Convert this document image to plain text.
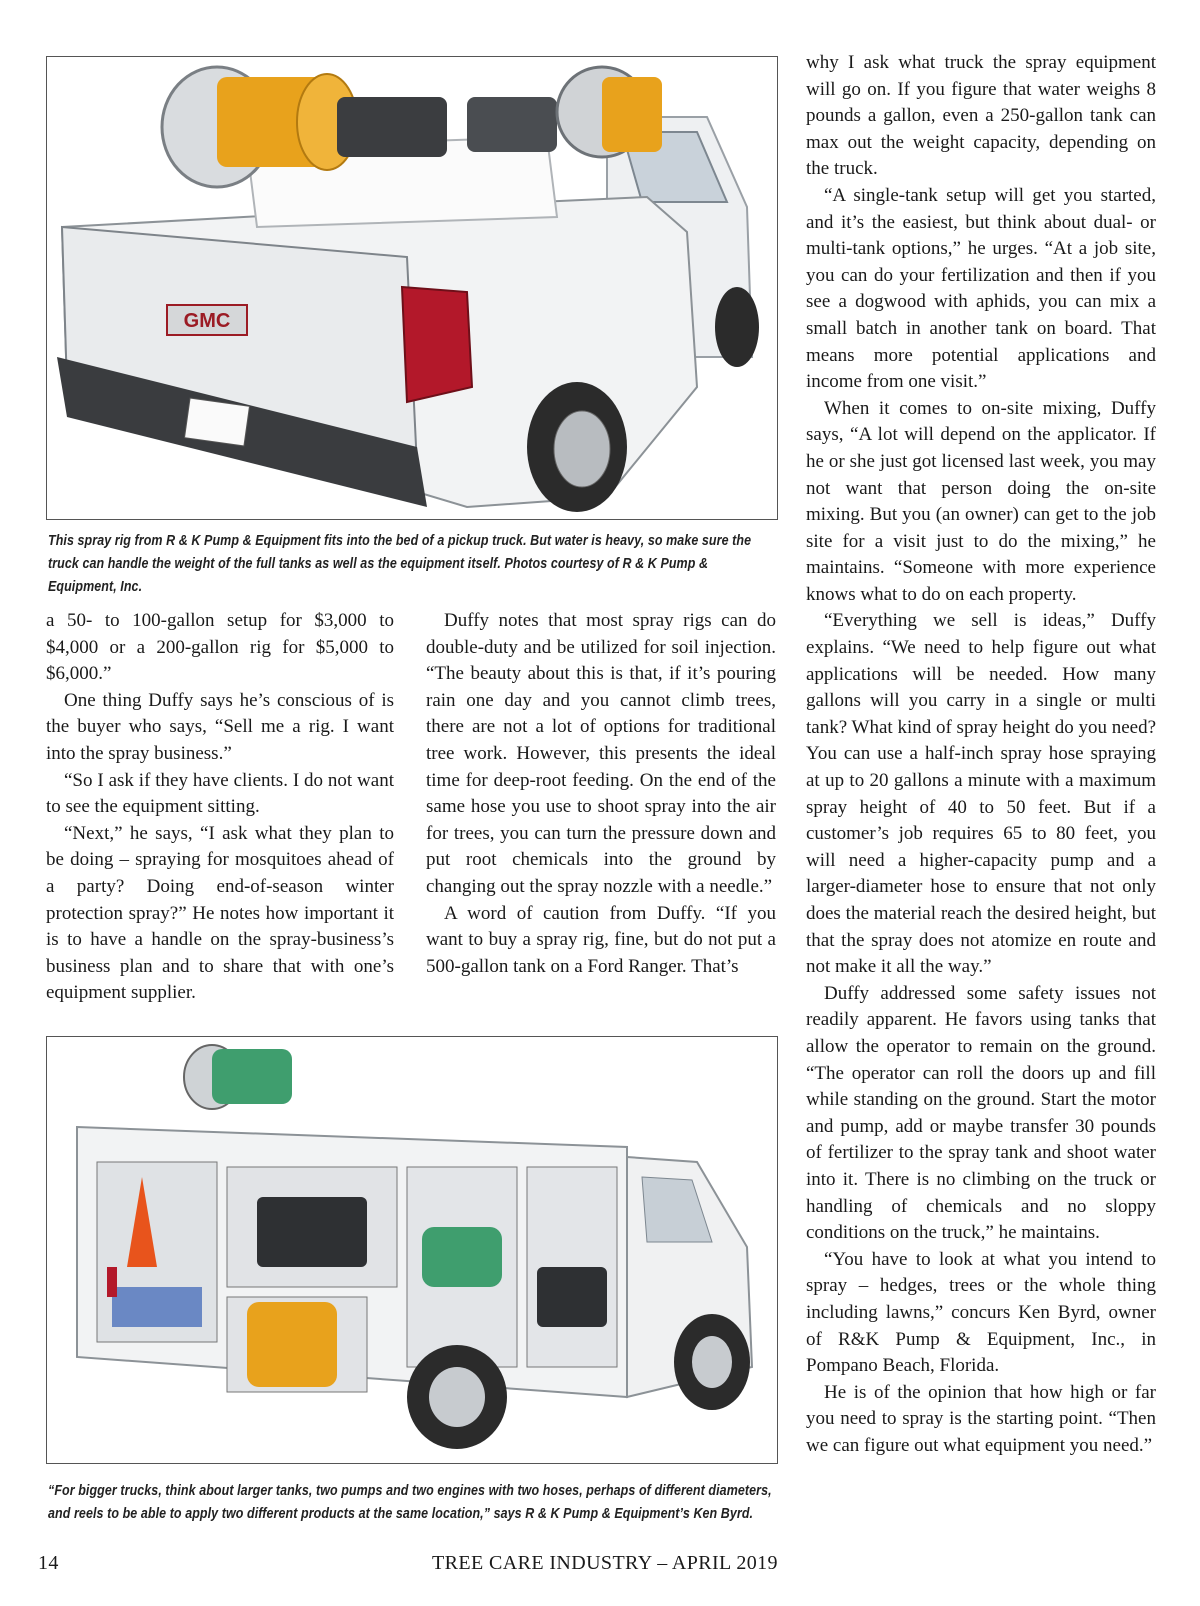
GMC
This spray rig from R & K Pump & Equipment fits into the bed of a pickup truck. But water is heavy, so make sure the truck can handle the weight of the full tanks as well as the equipment itself. Photos courtesy of R & K Pump & Equipment, Inc.

a 50- to 100-gallon setup for $3,000 to $4,000 or a 200-gallon rig for $5,000 to $6,000.”

One thing Duffy says he’s conscious of is the buyer who says, “Sell me a rig. I want into the spray business.”

“So I ask if they have clients. I do not want to see the equipment sitting.

“Next,” he says, “I ask what they plan to be doing – spraying for mosquitoes ahead of a party? Doing end-of-season winter protection spray?” He notes how important it is to have a handle on the spray-business’s business plan and to share that with one’s equipment supplier.

Duffy notes that most spray rigs can do double-duty and be utilized for soil injection. “The beauty about this is that, if it’s pouring rain one day and you cannot climb trees, there are not a lot of options for traditional tree work. However, this presents the ideal time for deep-root feeding. On the end of the same hose you use to shoot spray into the air for trees, you can turn the pressure down and put root chemicals into the ground by changing out the spray nozzle with a needle.”

A word of caution from Duffy. “If you want to buy a spray rig, fine, but do not put a 500-gallon tank on a Ford Ranger. That’s

“For bigger trucks, think about larger tanks, two pumps and two engines with two hoses, perhaps of different diameters, and reels to be able to apply two different products at the same location,” says R & K Pump & Equipment’s Ken Byrd.

why I ask what truck the spray equipment will go on. If you figure that water weighs 8 pounds a gallon, even a 250-gallon tank can max out the weight capacity, depending on the truck.

“A single-tank setup will get you started, and it’s the easiest, but think about dual- or multi-tank options,” he urges. “At a job site, you can do your fertilization and then if you see a dogwood with aphids, you can mix a small batch in another tank on board. That means more potential applications and income from one visit.”

When it comes to on-site mixing, Duffy says, “A lot will depend on the applicator. If he or she just got licensed last week, you may not want that person doing the on-site mixing. But you (an owner) can get to the job site for a visit just to do the mixing,” he maintains. “Someone with more experience knows what to do on each property.

“Everything we sell is ideas,” Duffy explains. “We need to help figure out what applications will be needed. How many gallons will you carry in a single or multi tank? What kind of spray height do you need? You can use a half-inch spray hose spraying at up to 20 gallons a minute with a maximum spray height of 40 to 50 feet. But if a customer’s job requires 65 to 80 feet, you will need a higher-capacity pump and a larger-diameter hose to ensure that not only does the material reach the desired height, but that the spray does not atomize en route and not make it all the way.”

Duffy addressed some safety issues not readily apparent. He favors using tanks that allow the operator to remain on the ground. “The operator can roll the doors up and fill while standing on the ground. Start the motor and pump, add or maybe transfer 30 pounds of fertilizer to the spray tank and shoot water into it. There is no climbing on the truck or handling of chemicals and no sloppy conditions on the truck,” he maintains.

“You have to look at what you intend to spray – hedges, trees or the whole thing including lawns,” concurs Ken Byrd, owner of R&K Pump & Equipment, Inc., in Pompano Beach, Florida.

He is of the opinion that how high or far you need to spray is the starting point. “Then we can figure out what equipment you need.”

14	TREE CARE INDUSTRY – APRIL 2019
